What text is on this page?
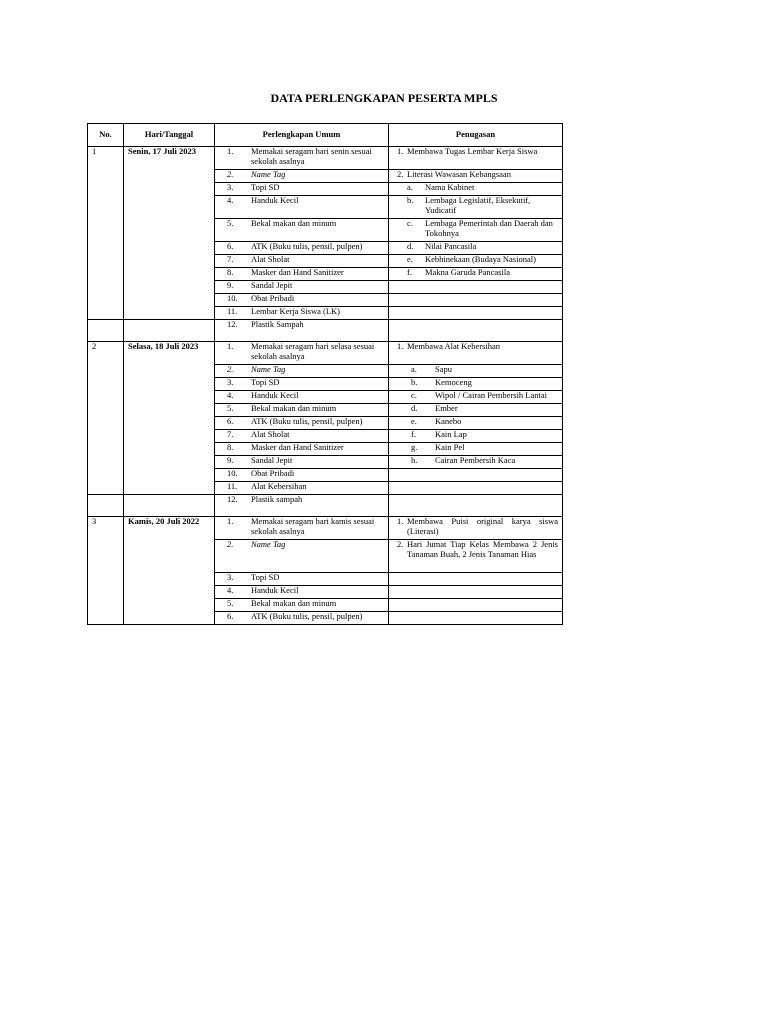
DATA PERLENGKAPAN PESERTA MPLS
No.	Hari/Tanggal	Perlengkapan Umum	Penugasan
1	Senin, 17 Juli 2023	1. Memakai seragam hari senin sesuai sekolah asalnya	1. Membawa Tugas Lembar Kerja Siswa

		2. Name Tag	2. Literasi Wawasan Kebangsaan

		3. Topi SD	a. Nama Kabinet

		4. Handuk Kecil	b. Lembaga Legislatif, Eksekutif, Yudicatif

		5. Bekal makan dan minum	c. Lembaga Pemerintah dan Daerah dan Tokohnya

		6. ATK (Buku tulis, pensil, pulpen)	d. Nilai Pancasila

		7. Alat Sholat	e. Kebhinekaan (Budaya Nasional)

		8. Masker dan Hand Sanitizer	f. Makna Garuda Pancasila

		9. Sandal Jepit	

		10. Obat Pribadi	

		11. Lembar Kerja Siswa (LK)	

		12. Plastik Sampah	

2	Selasa, 18 Juli 2023	1. Memakai seragam hari selasa sesuai sekolah asalnya	1. Membawa Alat Kebersihan

		2. Name Tag	a. Sapu

		3. Topi SD	b. Kemoceng

		4. Handuk Kecil	c. Wipol / Cairan Pembersih Lantai

		5. Bekal makan dan minum	d. Ember

		6. ATK (Buku tulis, pensil, pulpen)	e. Kanebo

		7. Alat Sholat	f. Kain Lap

		8. Masker dan Hand Sanitizer	g. Kain Pel

		9. Sandal Jepit	h. Cairan Pembersih Kaca

		10. Obat Pribadi	

		11. Alat Kebersihan	

		12. Plastik sampah	

3	Kamis, 20 Juli 2022	1. Memakai seragam hari kamis sesuai sekolah asalnya	1. Membawa Puisi original karya siswa (Literasi)

		2. Name Tag	2. Hari Jumat Tiap Kelas Membawa 2 Jenis Tanaman Buah, 2 Jenis Tanaman Hias

		3. Topi SD	

		4. Handuk Kecil	

		5. Bekal makan dan minum	

		6. ATK (Buku tulis, pensil, pulpen)	
